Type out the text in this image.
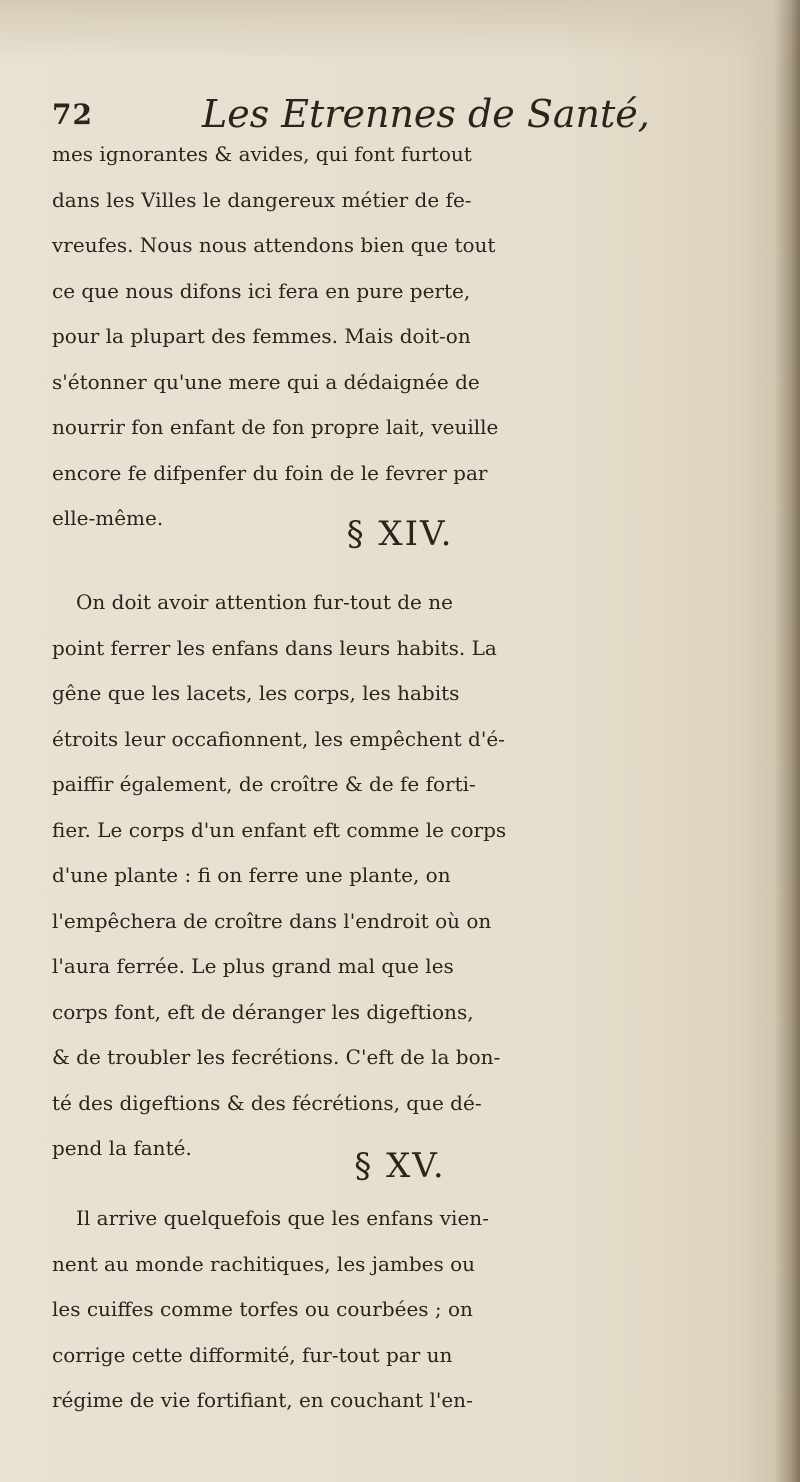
72	Les Etrennes de Santé,
mes ignorantes & avides, qui font furtout
dans les Villes le dangereux métier de fe-
vreufes. Nous nous attendons bien que tout
ce que nous difons ici fera en pure perte,
pour la plupart des femmes. Mais doit-on
s'étonner qu'une mere qui a dédaignée de
nourrir fon enfant de fon propre lait, veuille
encore fe difpenfer du foin de le fevrer par
elle-même.	§ XIV.
On doit avoir attention fur-tout de ne
point ferrer les enfans dans leurs habits. La
gêne que les lacets, les corps, les habits
étroits leur occafionnent, les empêchent d'é-
paiffir également, de croître & de fe forti-
fier. Le corps d'un enfant eft comme le corps
d'une plante : fi on ferre une plante, on
l'empêchera de croître dans l'endroit où on
l'aura ferrée. Le plus grand mal que les
corps font, eft de déranger les digeftions,
& de troubler les fecrétions. C'eft de la bon-
té des digeftions & des fécrétions, que dé-
pend la fanté.	§ XV.
Il arrive quelquefois que les enfans vien-
nent au monde rachitiques, les jambes ou
les cuiffes comme torfes ou courbées ; on
corrige cette difformité, fur-tout par un
régime de vie fortifiant, en couchant l'en-
